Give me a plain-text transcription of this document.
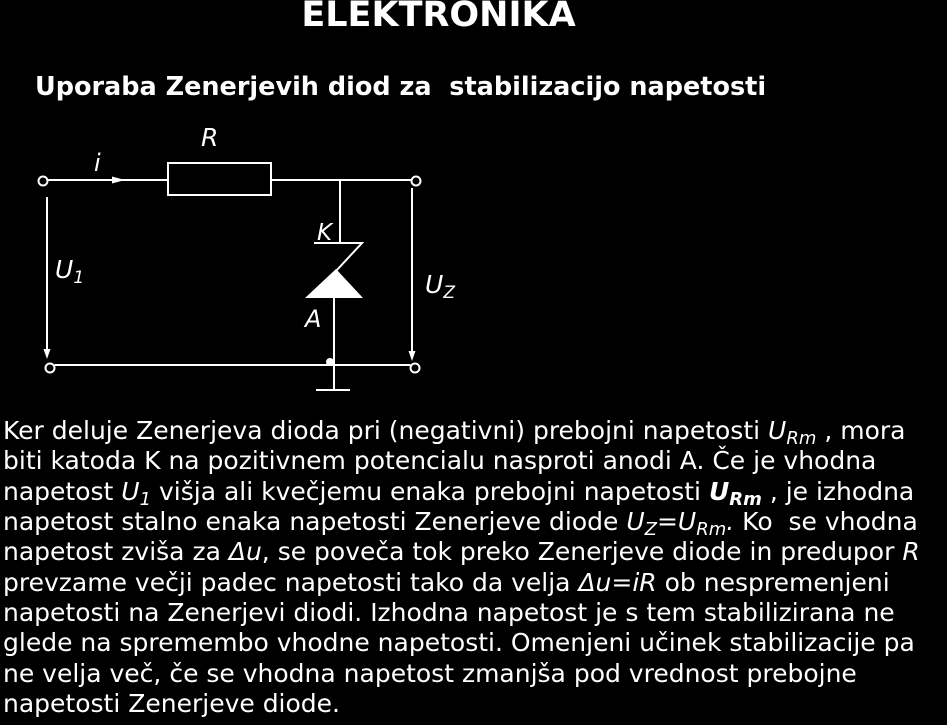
ELEKTRONIKA
Uporaba Zenerjevih diod za  stabilizacijo napetosti
i
R
K
A
$U_1$	$U_Z$
Ker deluje Zenerjeva dioda pri (negativni) prebojni napetosti $U_{Rm}$ , mora
biti katoda K na pozitivnem potencialu nasproti anodi A. Če je vhodna
napetost $U_1$ višja ali kvečjemu enaka prebojni napetosti $U_{Rm}$ , je izhodna
napetost stalno enaka napetosti Zenerjeve diode $U_Z=U_{Rm}$. Ko  se vhodna
napetost zviša za Δu, se poveča tok preko Zenerjeve diode in predupor R
prevzame večji padec napetosti tako da velja Δu=iR ob nespremenjeni
napetosti na Zenerjevi diodi. Izhodna napetost je s tem stabilizirana ne
glede na spremembo vhodne napetosti. Omenjeni učinek stabilizacije pa
ne velja več, če se vhodna napetost zmanjša pod vrednost prebojne
napetosti Zenerjeve diode.
